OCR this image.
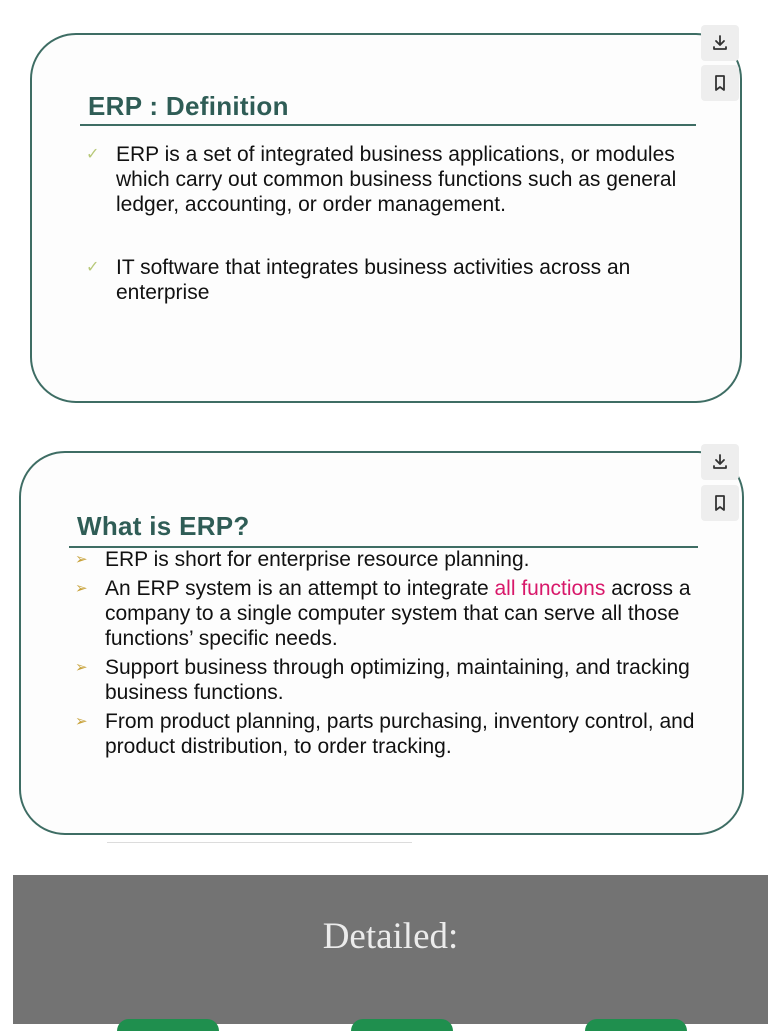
ERP : Definition
✓ ERP is a set of integrated business applications, or modules which carry out common business functions such as general ledger, accounting, or order management.
✓ IT software that integrates business activities across an enterprise
What is ERP?
➢ ERP is short for enterprise resource planning.
➢ An ERP system is an attempt to integrate all functions across a company to a single computer system that can serve all those functions’ specific needs.
➢ Support business through optimizing, maintaining, and tracking business functions.
➢ From product planning, parts purchasing, inventory control, and product distribution, to order tracking.
Detailed:
